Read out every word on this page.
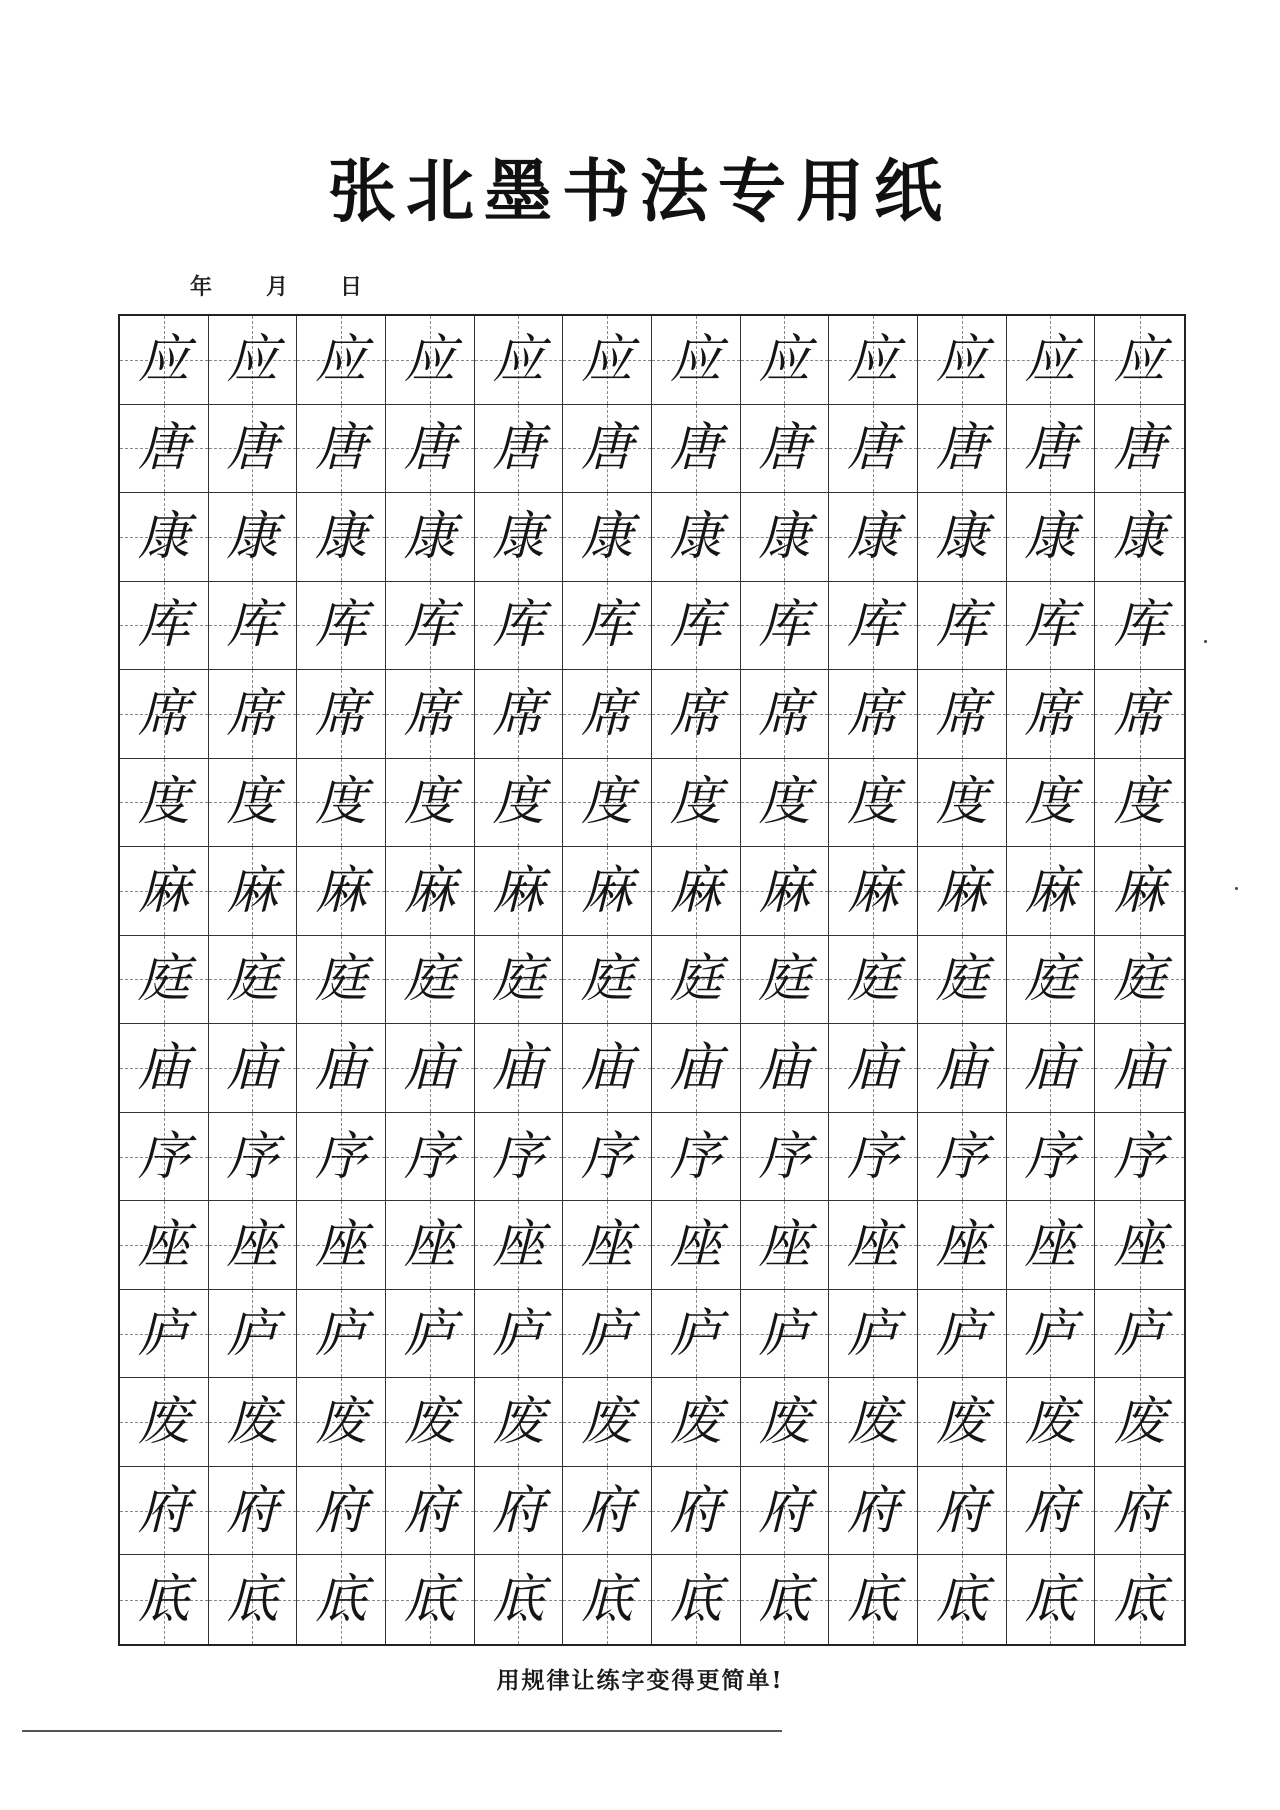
张北墨书法专用纸
年 月 日
应 应 应 应 应 应 应 应 应 应 应 应
唐 唐 唐 唐 唐 唐 唐 唐 唐 唐 唐 唐
康 康 康 康 康 康 康 康 康 康 康 康
库 库 库 库 库 库 库 库 库 库 库 库
席 席 席 席 席 席 席 席 席 席 席 席
度 度 度 度 度 度 度 度 度 度 度 度
麻 麻 麻 麻 麻 麻 麻 麻 麻 麻 麻 麻
庭 庭 庭 庭 庭 庭 庭 庭 庭 庭 庭 庭
庙 庙 庙 庙 庙 庙 庙 庙 庙 庙 庙 庙
序 序 序 序 序 序 序 序 序 序 序 序
座 座 座 座 座 座 座 座 座 座 座 座
庐 庐 庐 庐 庐 庐 庐 庐 庐 庐 庐 庐
废 废 废 废 废 废 废 废 废 废 废 废
府 府 府 府 府 府 府 府 府 府 府 府
底 底 底 底 底 底 底 底 底 底 底 底
用规律让练字变得更简单!
